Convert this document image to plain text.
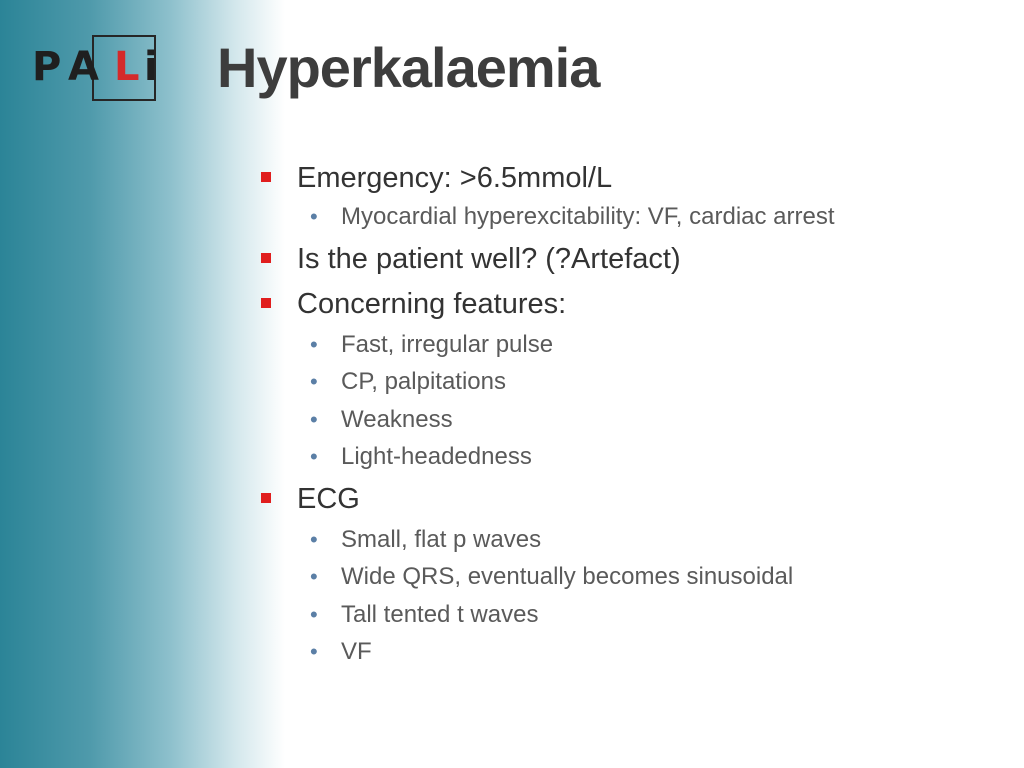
P A L i Hyperkalaemia
Emergency: >6.5mmol/L
• Myocardial hyperexcitability: VF, cardiac arrest
Is the patient well? (?Artefact)
Concerning features:
• Fast, irregular pulse
• CP, palpitations
• Weakness
• Light-headedness
ECG
• Small, flat p waves
• Wide QRS, eventually becomes sinusoidal
• Tall tented t waves
• VF
